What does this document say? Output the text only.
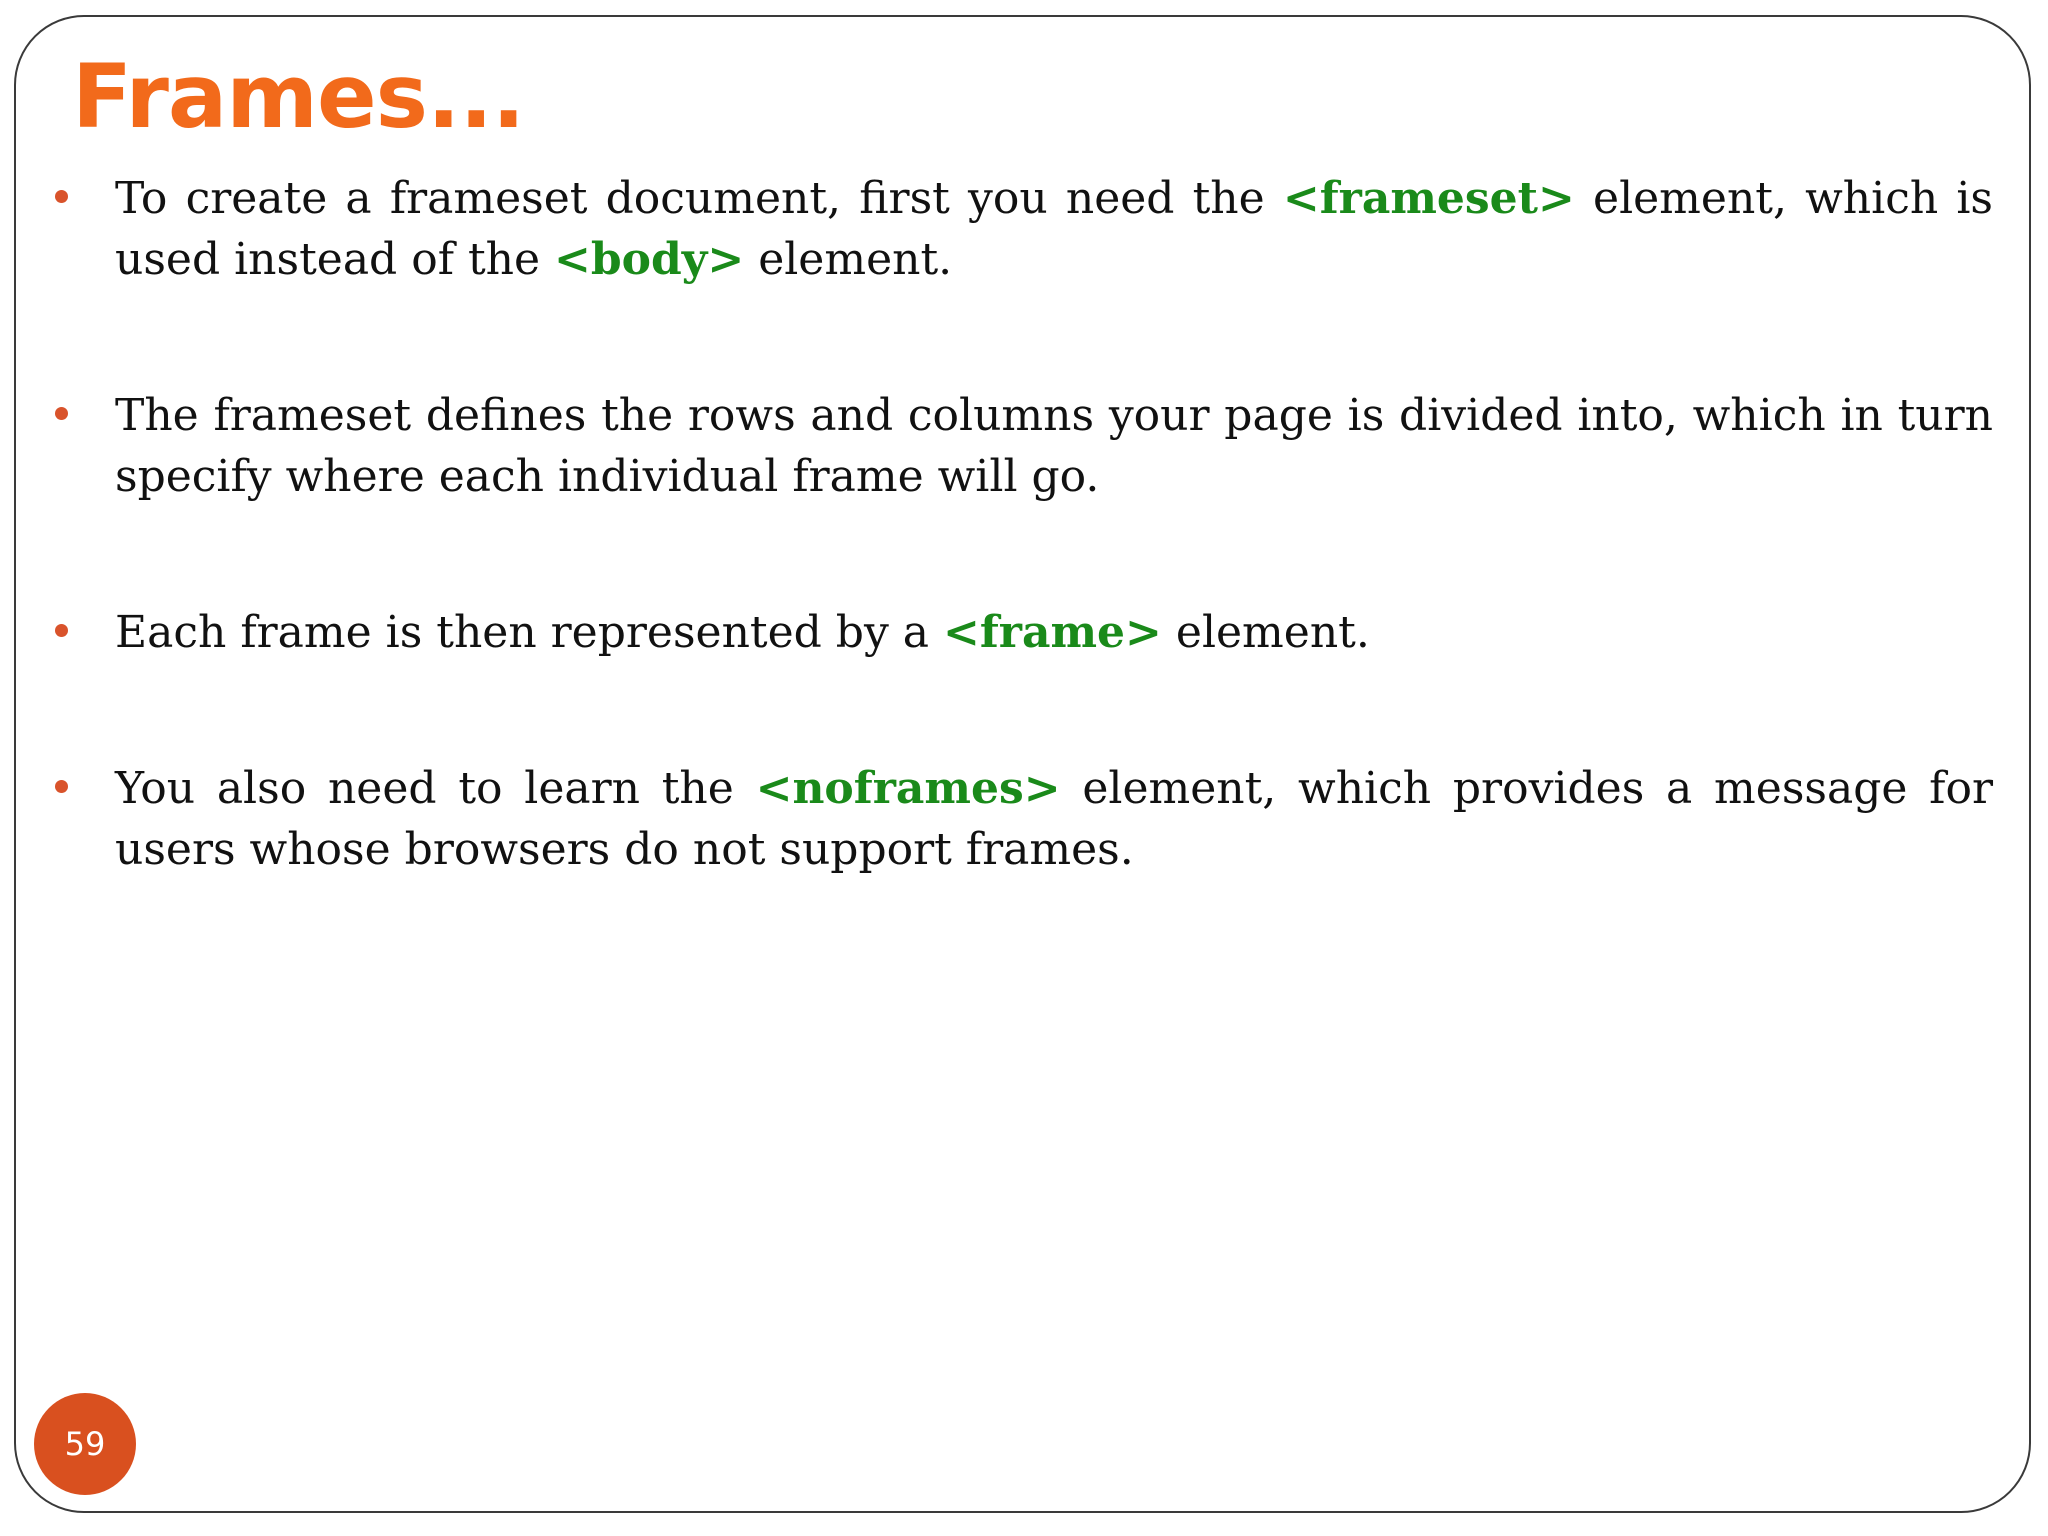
Frames...
To create a frameset document, first you need the <frameset> element, which is used instead of the <body> element.
The frameset defines the rows and columns your page is divided into, which in turn specify where each individual frame will go.
Each frame is then represented by a <frame> element.
You also need to learn the <noframes> element, which provides a message for users whose browsers do not support frames.
59
